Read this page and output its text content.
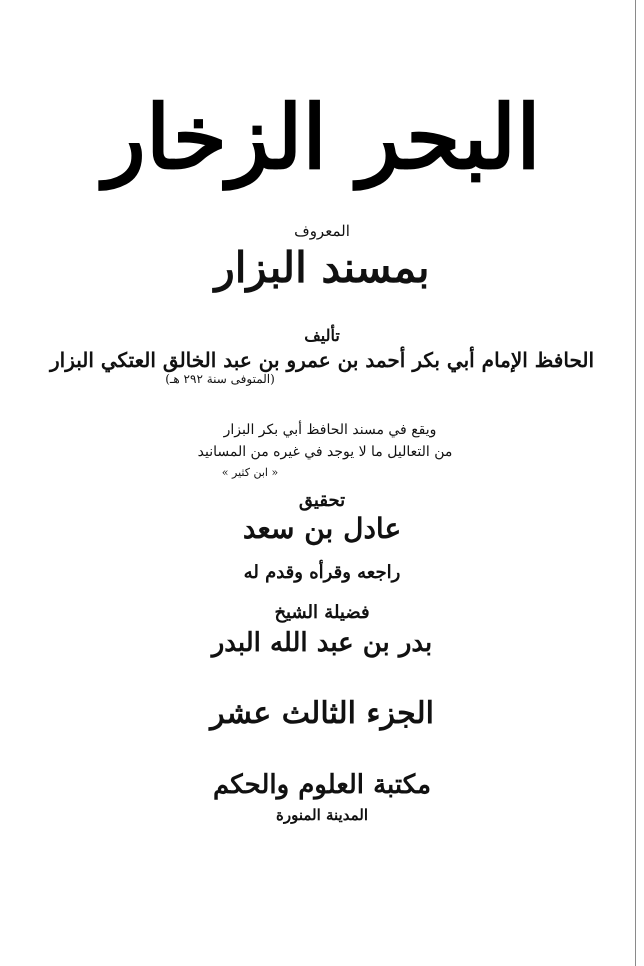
البحر الزخار
المعروف
بمسند البزار
تأليف
الحافظ الإمام أبي بكر أحمد بن عمرو بن عبد الخالق العتكي البزار
(المتوفى سنة ٢٩٢ هـ)
ويقع في مسند الحافظ أبي بكر البزار
من التعاليل ما لا يوجد في غيره من المسانيد
« ابن كثير »
تحقيق
عادل بن سعد
راجعه وقرأه وقدم له
فضيلة الشيخ
بدر بن عبد الله البدر
الجزء الثالث عشر
مكتبة العلوم والحكم
المدينة المنورة
